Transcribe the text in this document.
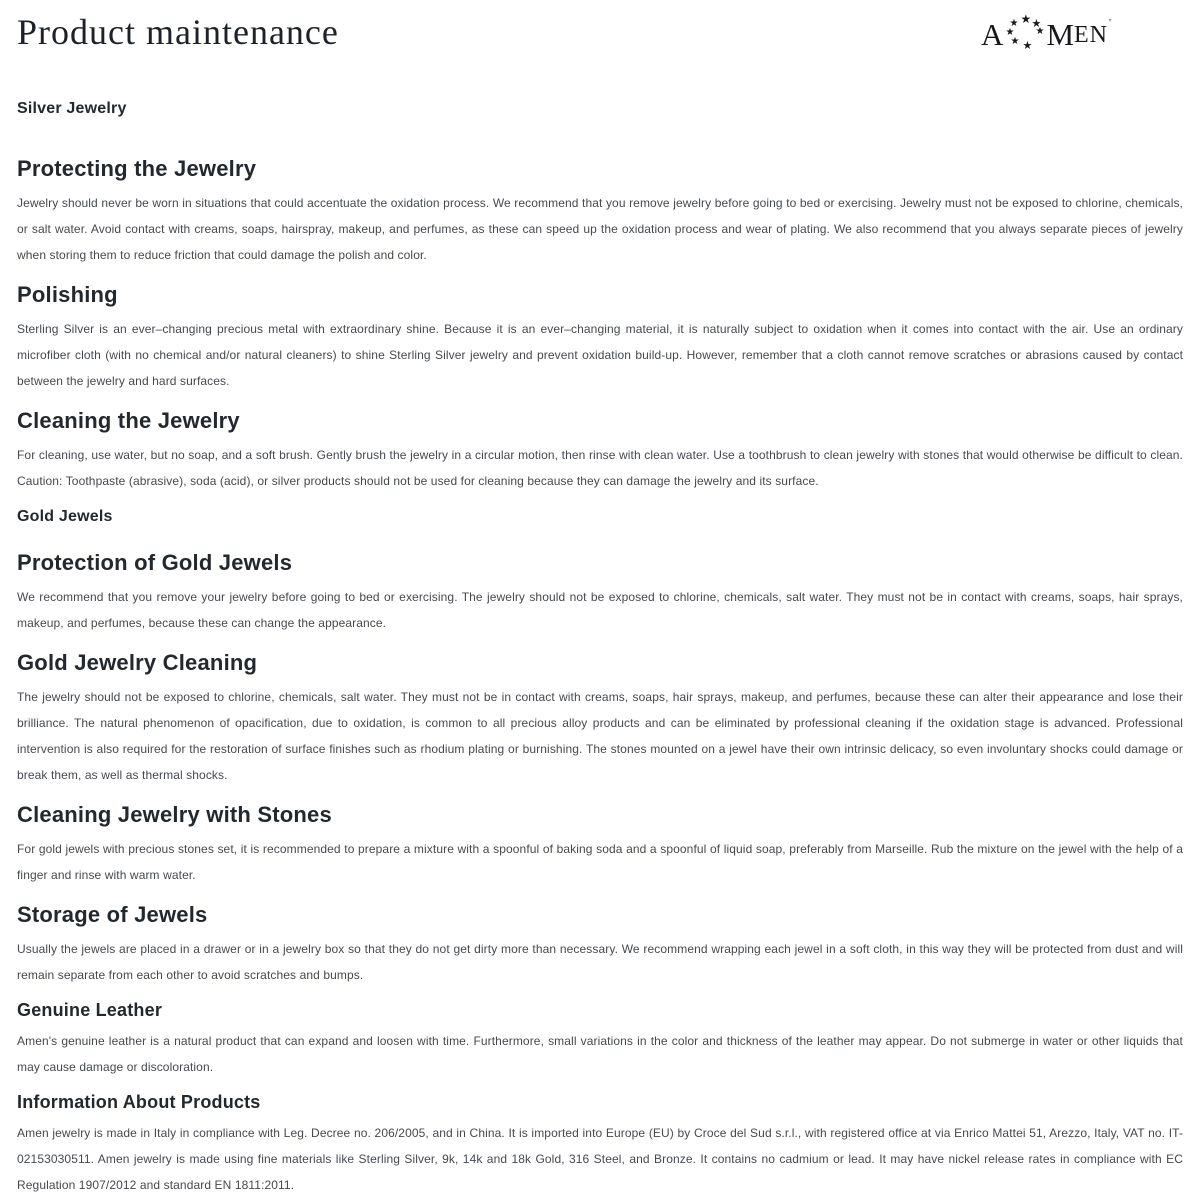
Product maintenance	A ★
★ ★
★ ★
★ ★ M EN '
Silver Jewelry
Protecting the Jewelry

Jewelry should never be worn in situations that could accentuate the oxidation process. We recommend that you remove jewelry before going to bed or exercising. Jewelry must not be exposed to chlorine, chemicals, or salt water. Avoid contact with creams, soaps, hairspray, makeup, and perfumes, as these can speed up the oxidation process and wear of plating. We also recommend that you always separate pieces of jewelry when storing them to reduce friction that could damage the polish and color.

Polishing

Sterling Silver is an ever–changing precious metal with extraordinary shine. Because it is an ever–changing material, it is naturally subject to oxidation when it comes into contact with the air. Use an ordinary microfiber cloth (with no chemical and/or natural cleaners) to shine Sterling Silver jewelry and prevent oxidation build-up. However, remember that a cloth cannot remove scratches or abrasions caused by contact between the jewelry and hard surfaces.

Cleaning the Jewelry

For cleaning, use water, but no soap, and a soft brush. Gently brush the jewelry in a circular motion, then rinse with clean water. Use a toothbrush to clean jewelry with stones that would otherwise be difficult to clean. Caution: Toothpaste (abrasive), soda (acid), or silver products should not be used for cleaning because they can damage the jewelry and its surface.

Gold Jewels
Protection of Gold Jewels

We recommend that you remove your jewelry before going to bed or exercising. The jewelry should not be exposed to chlorine, chemicals, salt water. They must not be in contact with creams, soaps, hair sprays, makeup, and perfumes, because these can change the appearance.

Gold Jewelry Cleaning

The jewelry should not be exposed to chlorine, chemicals, salt water. They must not be in contact with creams, soaps, hair sprays, makeup, and perfumes, because these can alter their appearance and lose their brilliance. The natural phenomenon of opacification, due to oxidation, is common to all precious alloy products and can be eliminated by professional cleaning if the oxidation stage is advanced. Professional intervention is also required for the restoration of surface finishes such as rhodium plating or burnishing. The stones mounted on a jewel have their own intrinsic delicacy, so even involuntary shocks could damage or break them, as well as thermal shocks.

Cleaning Jewelry with Stones

For gold jewels with precious stones set, it is recommended to prepare a mixture with a spoonful of baking soda and a spoonful of liquid soap, preferably from Marseille. Rub the mixture on the jewel with the help of a finger and rinse with warm water.

Storage of Jewels

Usually the jewels are placed in a drawer or in a jewelry box so that they do not get dirty more than necessary. We recommend wrapping each jewel in a soft cloth, in this way they will be protected from dust and will remain separate from each other to avoid scratches and bumps.

Genuine Leather

Amen's genuine leather is a natural product that can expand and loosen with time. Furthermore, small variations in the color and thickness of the leather may appear. Do not submerge in water or other liquids that may cause damage or discoloration.

Information About Products

Amen jewelry is made in Italy in compliance with Leg. Decree no. 206/2005, and in China. It is imported into Europe (EU) by Croce del Sud s.r.l., with registered office at via Enrico Mattei 51, Arezzo, Italy, VAT no. IT-02153030511. Amen jewelry is made using fine materials like Sterling Silver, 9k, 14k and 18k Gold, 316 Steel, and Bronze. It contains no cadmium or lead. It may have nickel release rates in compliance with EC Regulation 1907/2012 and standard EN 1811:2011.
